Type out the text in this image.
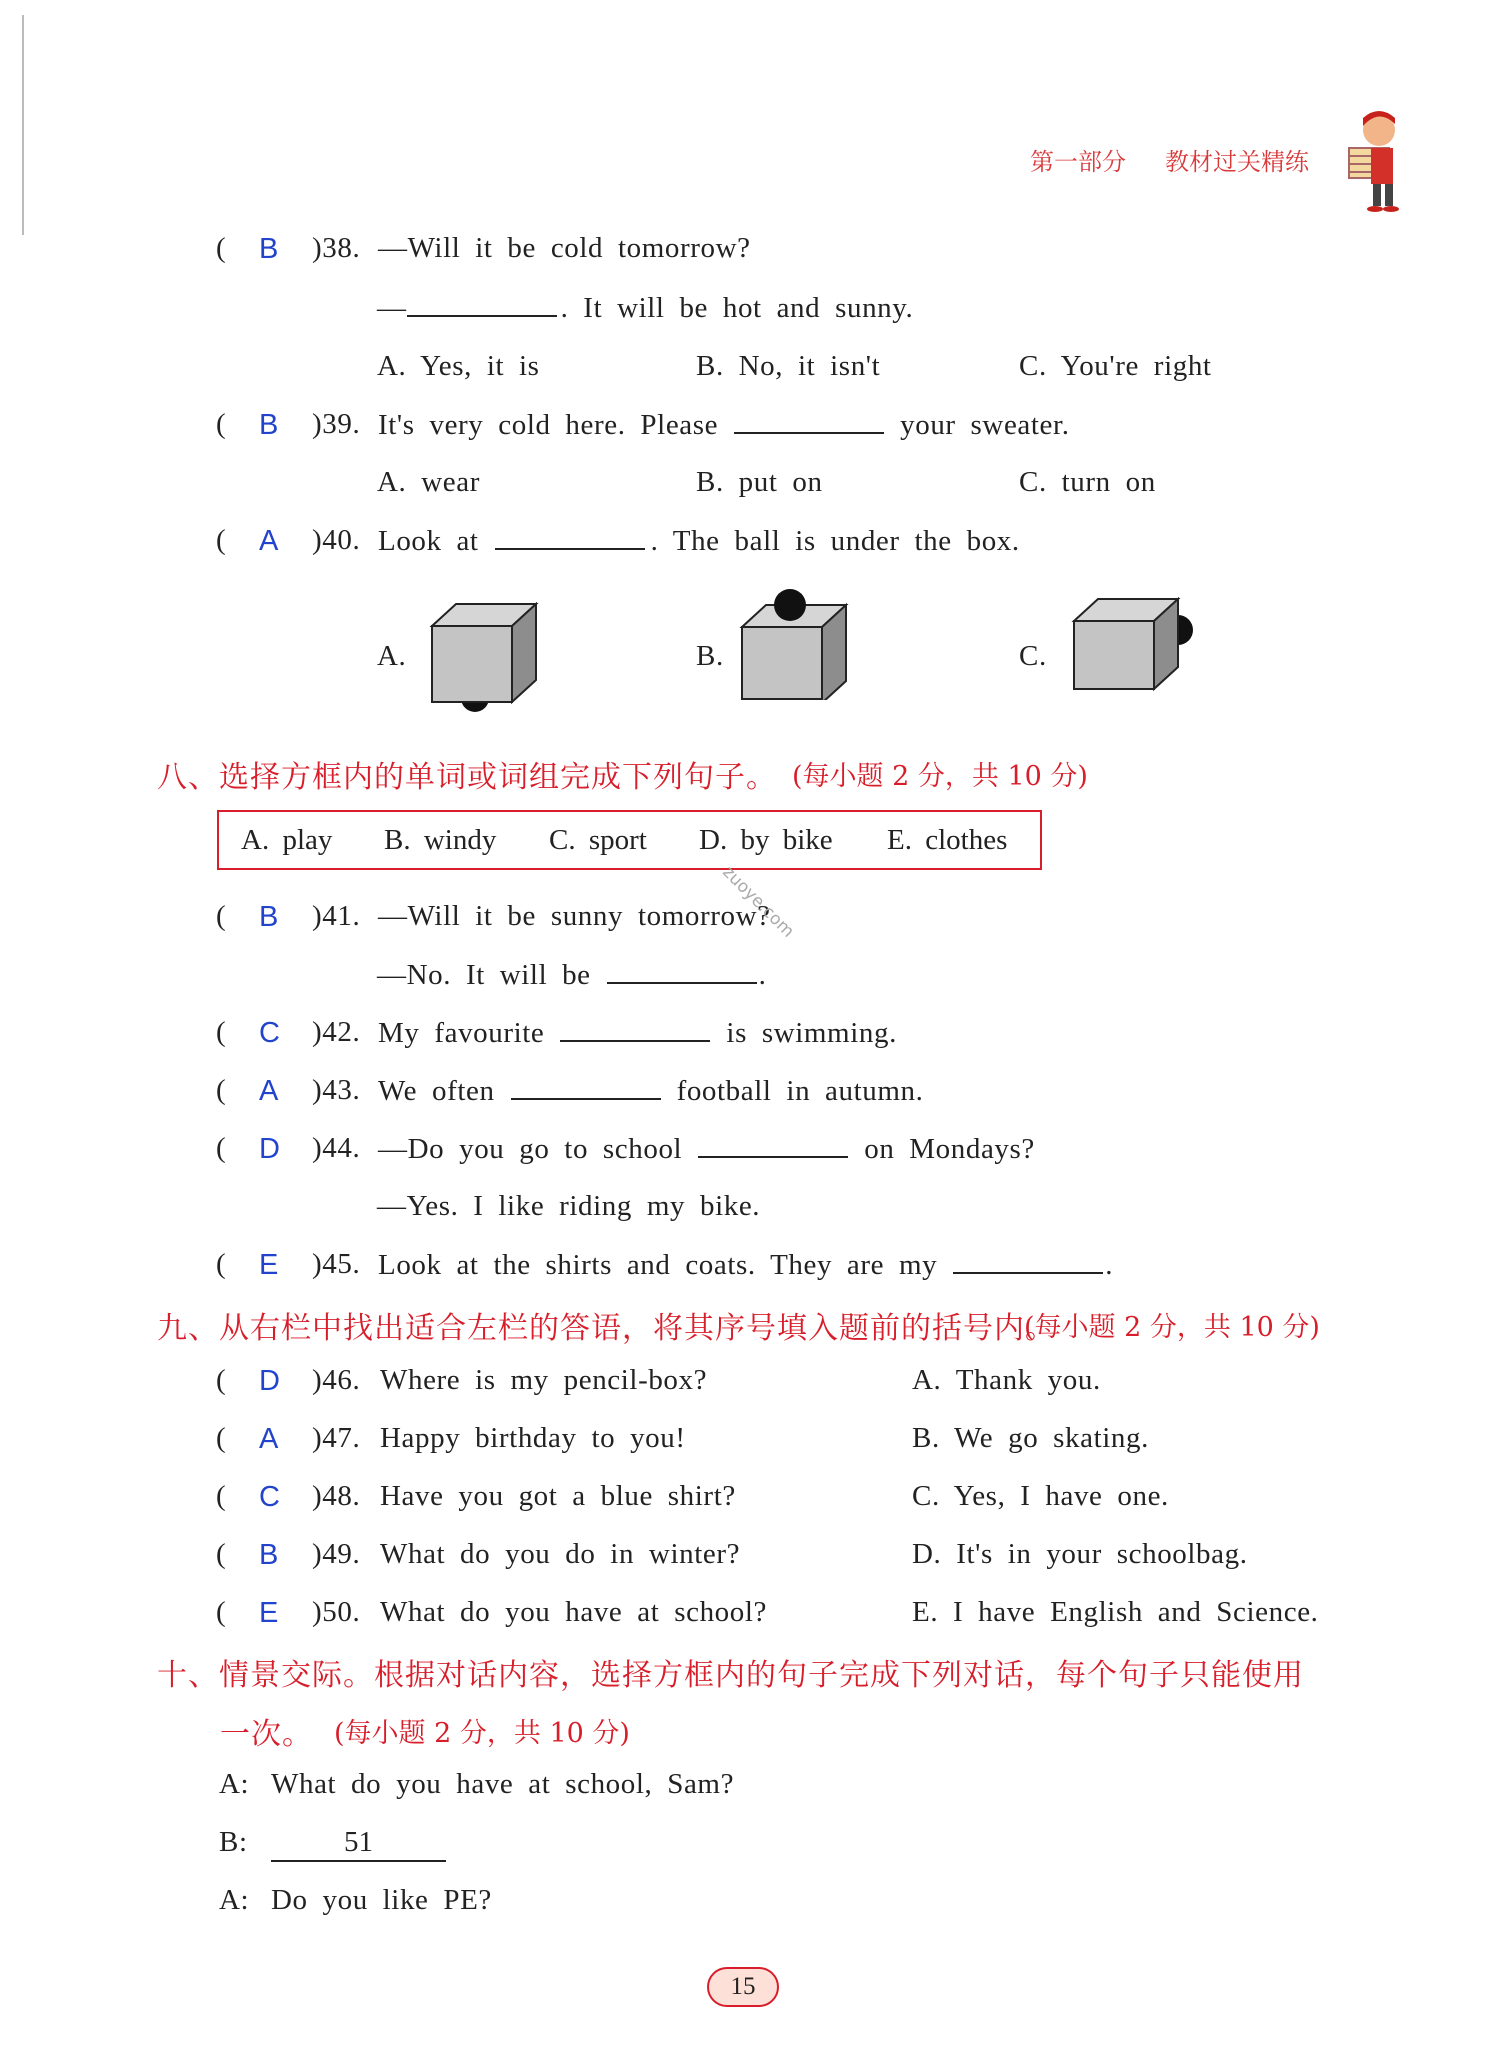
第一部分 教材过关精练
( B )38. —Will it be cold tomorrow?
—	. It will be hot and sunny.
A. Yes, it is	B. No, it isn't	C. You're right
( B )39. It's very cold here. Please	your sweater.
A. wear	B. put on	C. turn on
( A )40. Look at	. The ball is under the box.
A.	B.	C.
八、选择方框内的单词或词组完成下列句子。 (每小题 2 分，共 10 分)
A. play B. windy C. sport D. by bike E. clothes
( B )41. —Will it be sunny tomorrow?
zuoye.com
—No. It will be	.
( C )42. My favourite	is swimming.
( A )43. We often	football in autumn.
( D )44. —Do you go to school	on Mondays?
—Yes. I like riding my bike.
( E )45. Look at the shirts and coats. They are my	.
九、从右栏中找出适合左栏的答语，将其序号填入题前的括号内。
(每小题 2 分，共 10 分)
( D )46. Where is my pencil-box?	A. Thank you.
( A )47. Happy birthday to you!	B. We go skating.
( C )48. Have you got a blue shirt?	C. Yes, I have one.
( B )49. What do you do in winter?	D. It's in your schoolbag.
( E )50. What do you have at school?	E. I have English and Science.
十、情景交际。根据对话内容，选择方框内的句子完成下列对话，每个句子只能使用
一次。 (每小题 2 分，共 10 分)
A: What do you have at school, Sam?
B:	51
A: Do you like PE?
15
